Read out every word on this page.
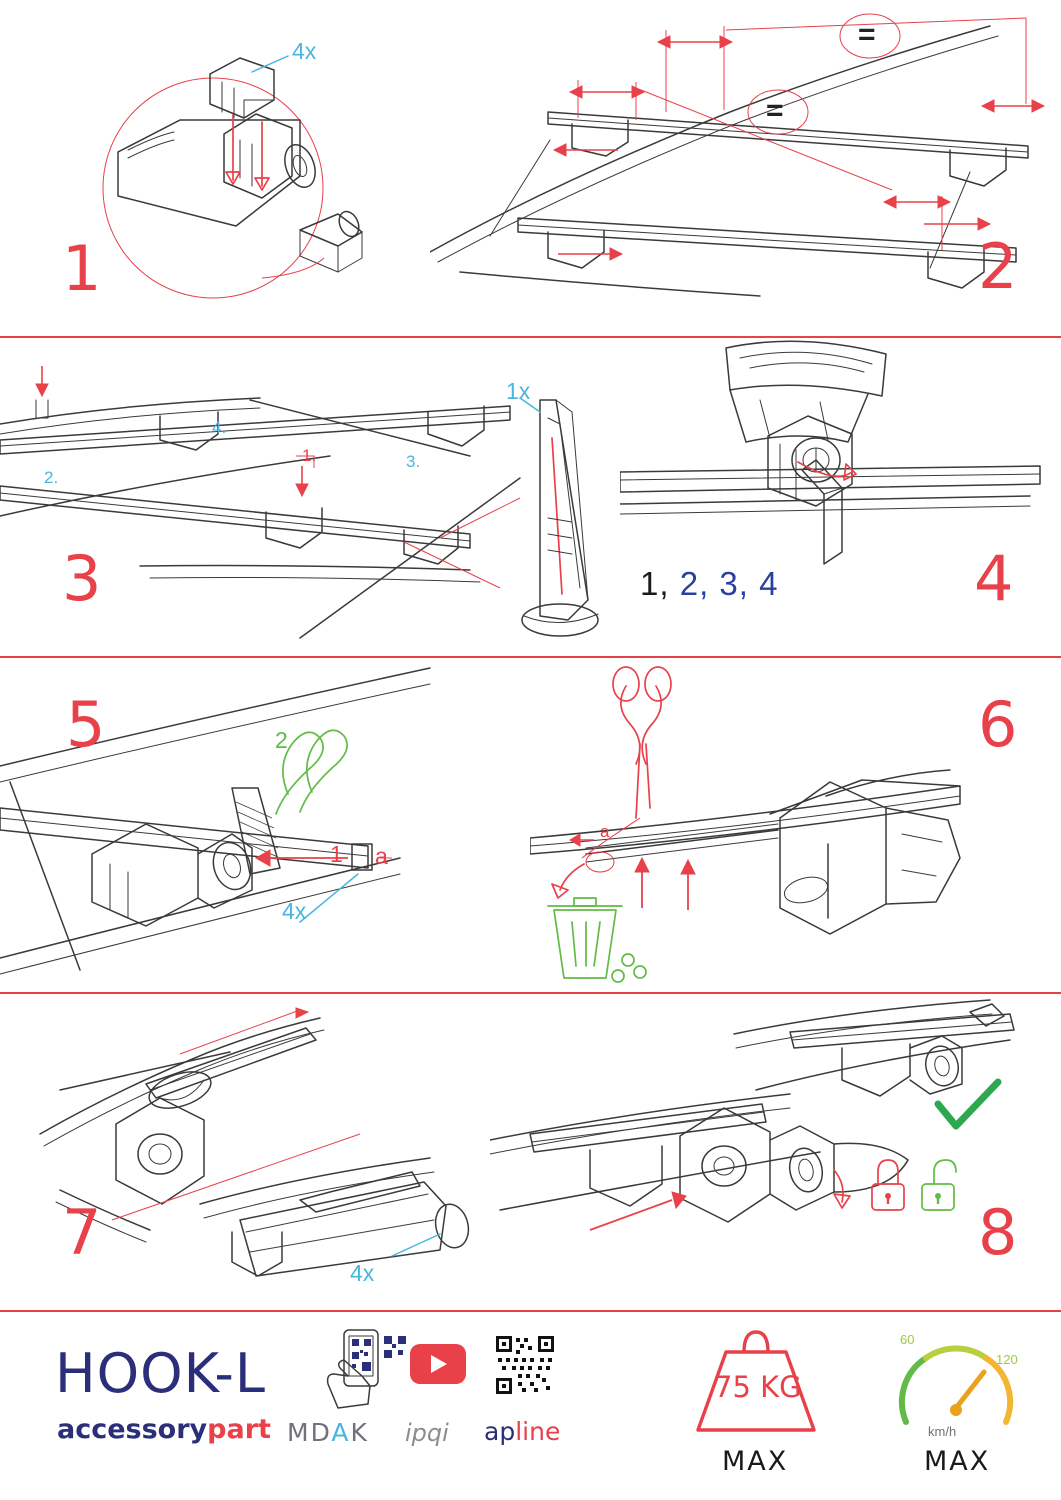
1
4x	=
=
2
1.
2.
3.
4.
1x
3	1, 2, 3, 4	4
5
1
2
a
4x
a
6
7
4x
8
HOOK-L
accessorypart MDAK ipqi apline
75 KG
MAX
60
120
km/h
MAX
